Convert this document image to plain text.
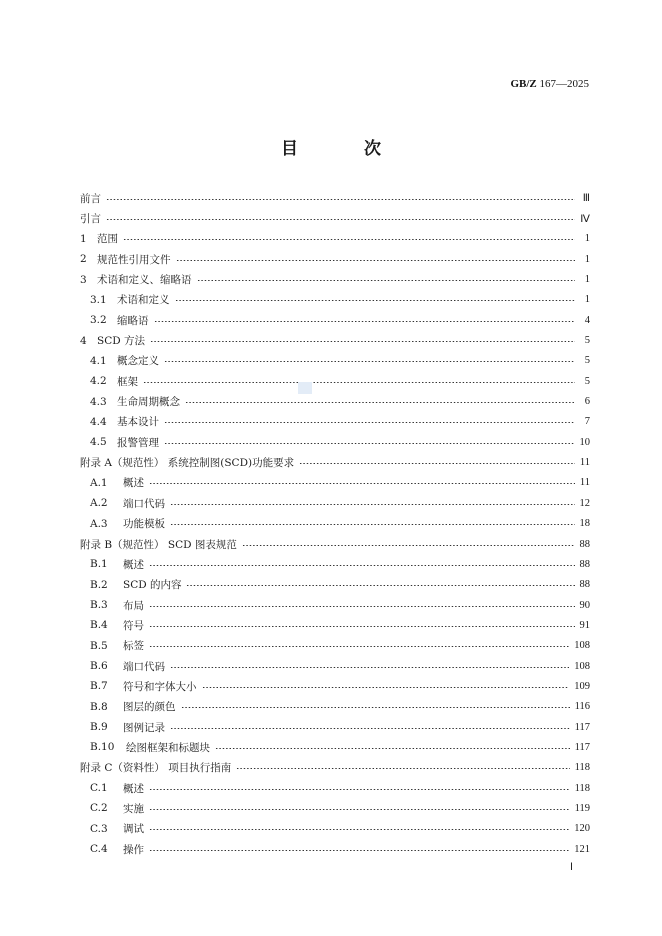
GB/Z 167—2025
目 次
前言	Ⅲ
引言	Ⅳ
1 范围	1
2 规范性引用文件	1
3 术语和定义、缩略语	1
3.1 术语和定义	1
3.2 缩略语	4
4 SCD 方法	5
4.1 概念定义	5
4.2 框架	5
4.3 生命周期概念	6
4.4 基本设计	7
4.5 报警管理	10
附录 A（规范性） 系统控制图(SCD)功能要求	11
A.1	概述	11
A.2	端口代码	12
A.3	功能模板	18
附录 B（规范性） SCD 图表规范	88
B.1	概述	88
B.2	SCD 的内容	88
B.3	布局	90
B.4	符号	91
B.5	标签	108
B.6	端口代码	108
B.7	符号和字体大小	109
B.8	图层的颜色	116
B.9	图例记录	117
B.10	绘图框架和标题块	117
附录 C（资料性） 项目执行指南	118
C.1	概述	118
C.2	实施	119
C.3	调试	120
C.4	操作	121
Ⅰ
